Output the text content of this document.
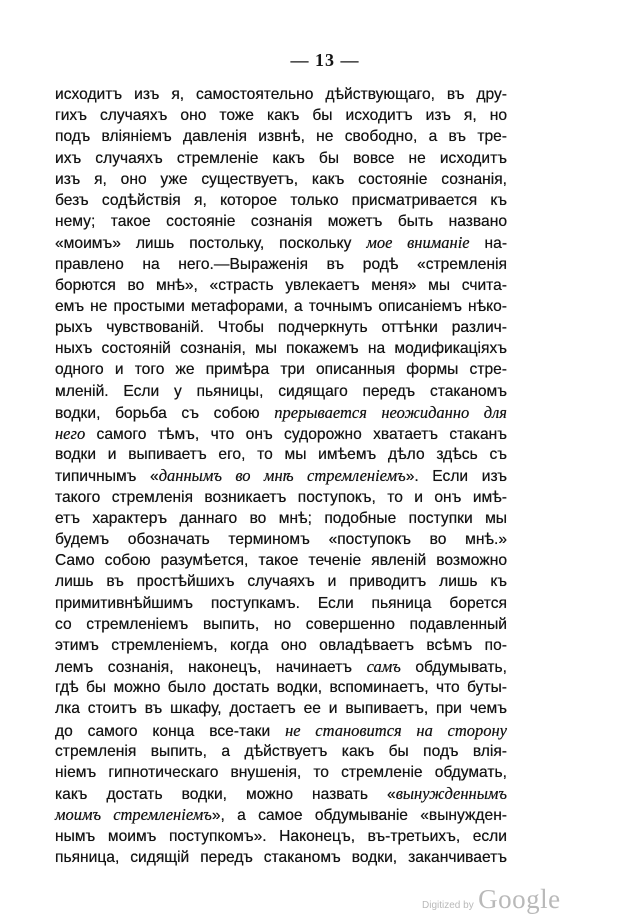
— 13 —
исходитъ изъ я, самостоятельно дѣйствующаго, въ дру-
гихъ случаяхъ оно тоже какъ бы исходитъ изъ я, но
подъ вліяніемъ давленія извнѣ, не свободно, а въ тре-
ихъ случаяхъ стремленіе какъ бы вовсе не исходитъ
изъ я, оно уже существуетъ, какъ состояніе сознанія,
безъ содѣйствія я, которое только присматривается къ
нему; такое состояніе сознанія можетъ быть названо
«моимъ» лишь постольку, поскольку мое вниманіе на-
правлено на него.—Выраженія въ родѣ «стремленія
борются во мнѣ», «страсть увлекаетъ меня» мы счита-
емъ не простыми метафорами, а точнымъ описаніемъ нѣко-
рыхъ чувствованій. Чтобы подчеркнуть оттѣнки различ-
ныхъ состояній сознанія, мы покажемъ на модификаціяхъ
одного и того же примѣра три описанныя формы стре-
мленій. Если у пьяницы, сидящаго передъ стаканомъ
водки, борьба съ собою прерывается неожиданно для
него самого тѣмъ, что онъ судорожно хватаетъ стаканъ
водки и выпиваетъ его, то мы имѣемъ дѣло здѣсь съ
типичнымъ «даннымъ во мнѣ стремленіемъ». Если изъ
такого стремленія возникаетъ поступокъ, то и онъ имѣ-
етъ характеръ даннаго во мнѣ; подобные поступки мы
будемъ обозначать терминомъ «поступокъ во мнѣ.»
Само собою разумѣется, такое теченіе явленій возможно
лишь въ простѣйшихъ случаяхъ и приводитъ лишь къ
примитивнѣйшимъ поступкамъ. Если пьяница борется
со стремленіемъ выпить, но совершенно подавленный
этимъ стремленіемъ, когда оно овладѣваетъ всѣмъ по-
лемъ сознанія, наконецъ, начинаетъ самъ обдумывать,
гдѣ бы можно было достать водки, вспоминаетъ, что буты-
лка стоитъ въ шкафу, достаетъ ее и выпиваетъ, при чемъ
до самого конца все-таки не становится на сторону
стремленія выпить, а дѣйствуетъ какъ бы подъ влія-
ніемъ гипнотическаго внушенія, то стремленіе обдумать,
какъ достать водки, можно назвать «вынужденнымъ
моимъ стремленіемъ», а самое обдумываніе «вынужден-
нымъ моимъ поступкомъ». Наконецъ, въ-третьихъ, если
пьяница, сидящій передъ стаканомъ водки, заканчиваетъ
Digitized by Google
